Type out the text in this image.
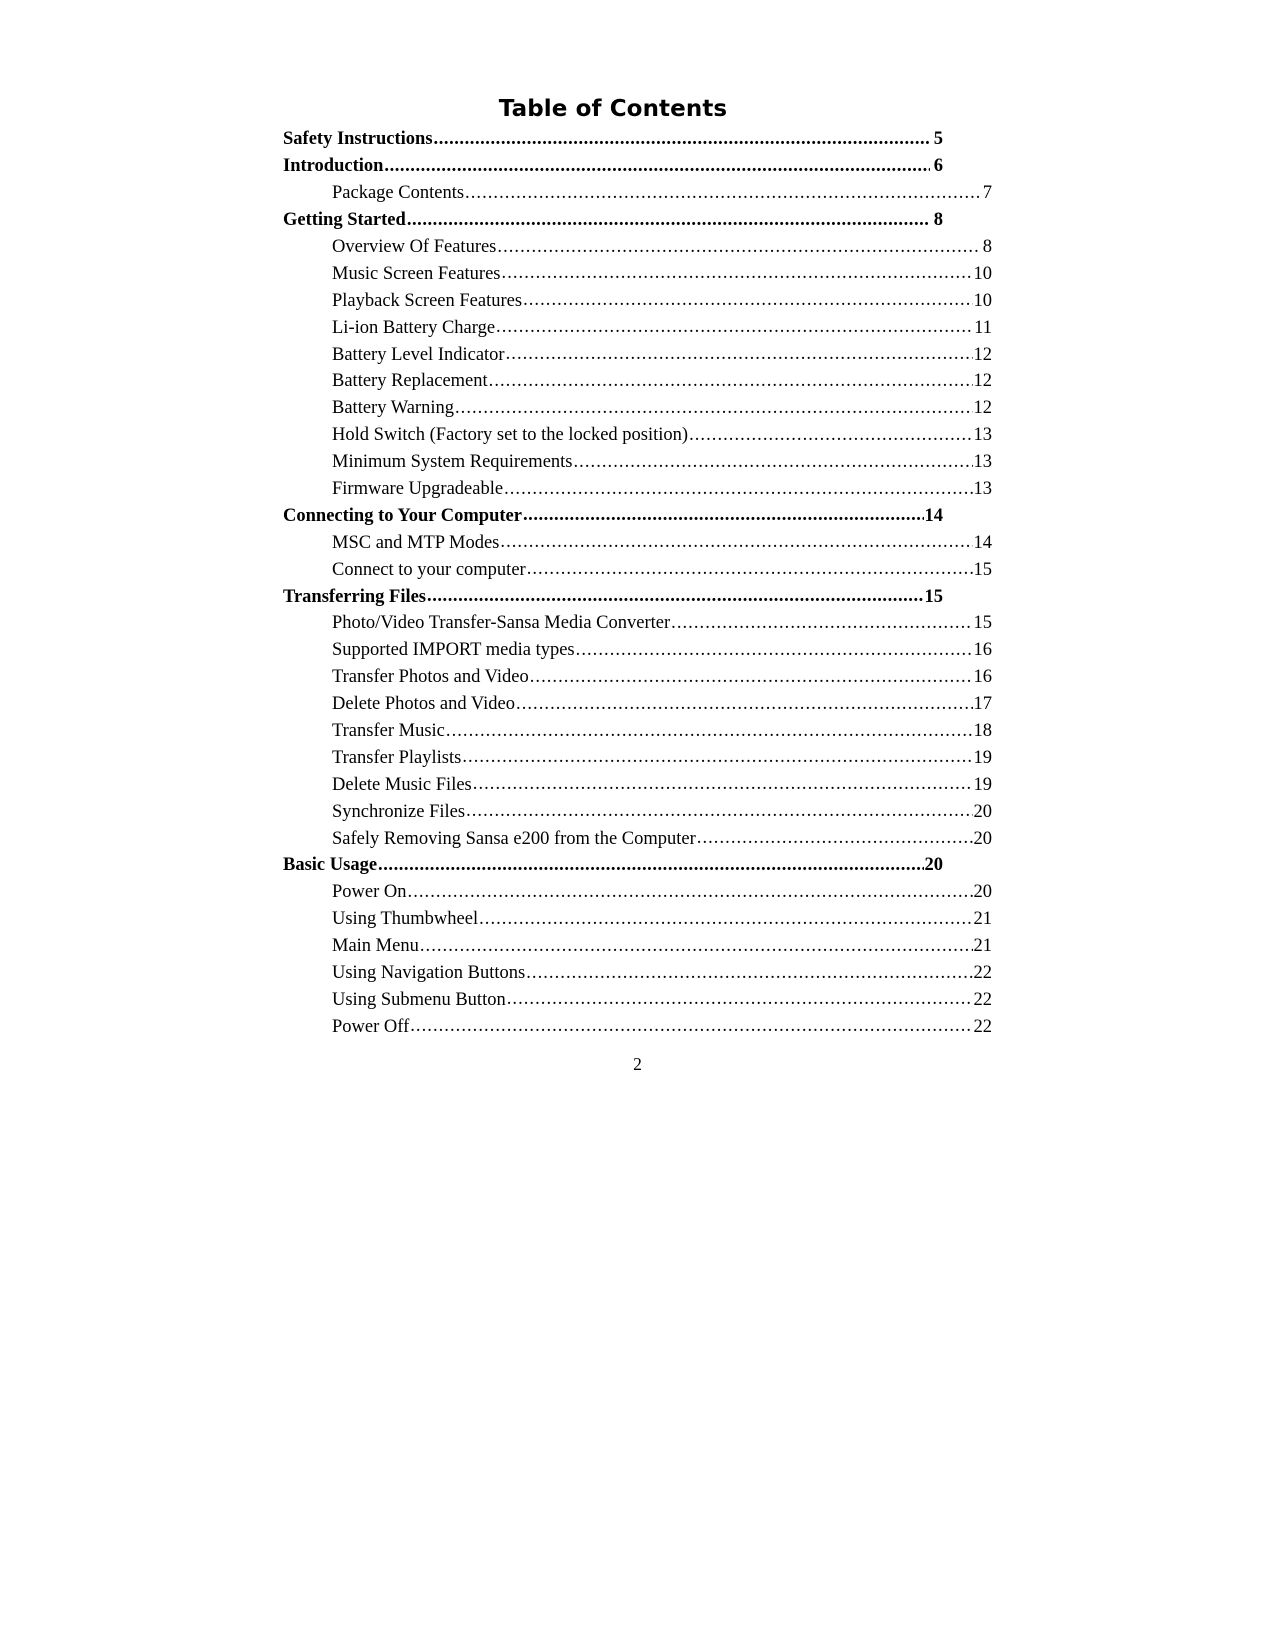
Table of Contents
Safety Instructions .....	5
Introduction .....	6
Package Contents .....	7
Getting Started .....	8
Overview Of Features .....	8
Music Screen Features .....	10
Playback Screen Features .....	10
Li-ion Battery Charge .....	11
Battery Level Indicator .....	12
Battery Replacement .....	12
Battery Warning .....	12
Hold Switch (Factory set to the locked position) .....	13
Minimum System Requirements .....	13
Firmware Upgradeable .....	13
Connecting to Your Computer .....	14
MSC and MTP Modes .....	14
Connect to your computer .....	15
Transferring Files .....	15
Photo/Video Transfer-Sansa Media Converter .....	15
Supported IMPORT media types .....	16
Transfer Photos and Video .....	16
Delete Photos and Video .....	17
Transfer Music .....	18
Transfer Playlists .....	19
Delete Music Files .....	19
Synchronize Files .....	20
Safely Removing Sansa e200 from the Computer .....	20
Basic Usage .....	20
Power On .....	20
Using Thumbwheel .....	21
Main Menu .....	21
Using Navigation Buttons .....	22
Using Submenu Button .....	22
Power Off .....	22
2
